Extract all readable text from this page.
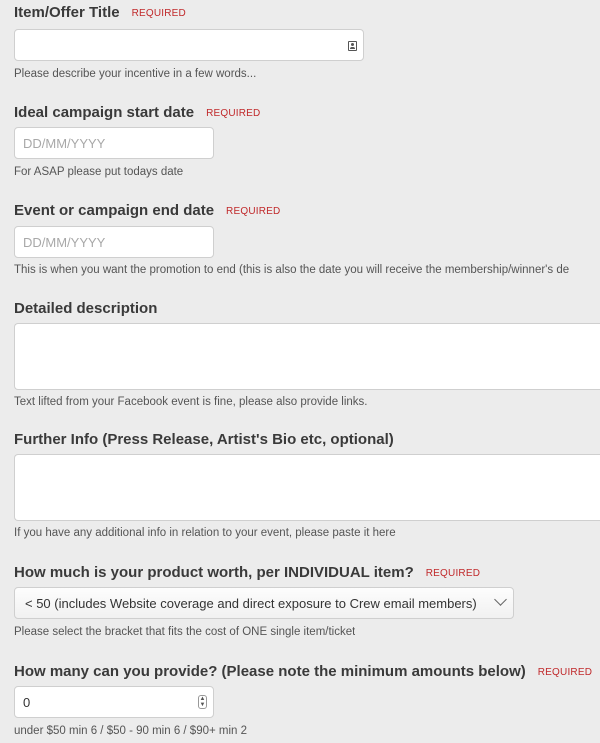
Item/Offer Title REQUIRED
Please describe your incentive in a few words...
Ideal campaign start date REQUIRED
DD/MM/YYYY
For ASAP please put todays date
Event or campaign end date REQUIRED
DD/MM/YYYY
This is when you want the promotion to end (this is also the date you will receive the membership/winner's de
Detailed description
Text lifted from your Facebook event is fine, please also provide links.
Further Info (Press Release, Artist's Bio etc, optional)
If you have any additional info in relation to your event, please paste it here
How much is your product worth, per INDIVIDUAL item? REQUIRED
< 50 (includes Website coverage and direct exposure to Crew email members)
Please select the bracket that fits the cost of ONE single item/ticket
How many can you provide? (Please note the minimum amounts below) REQUIRED
0	▲
▼
under $50 min 6 / $50 - 90 min 6 / $90+ min 2
